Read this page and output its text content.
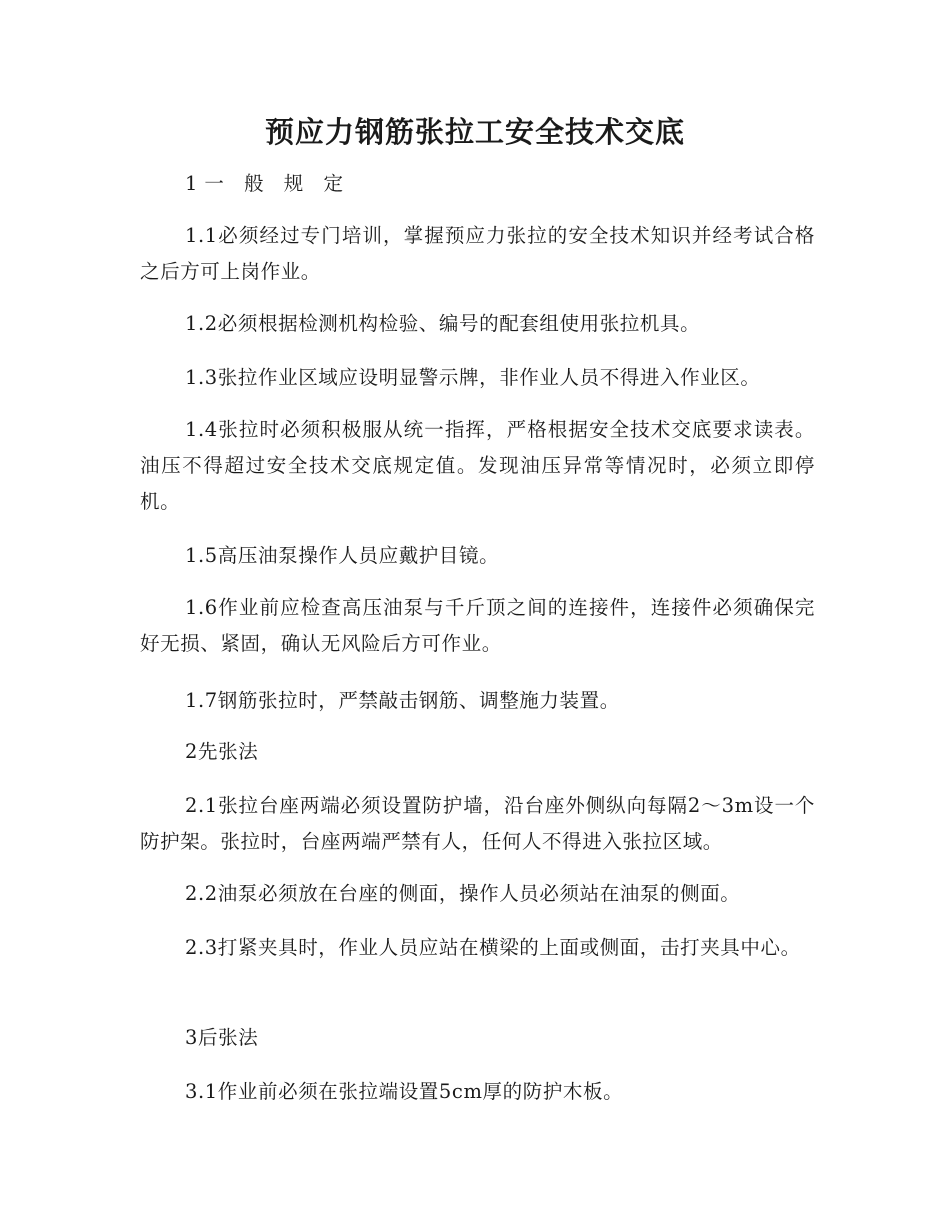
预应力钢筋张拉工安全技术交底

1一 般 规 定

1.1必须经过专门培训，掌握预应力张拉的安全技术知识并经考试合格之后方可上岗作业。

1.2必须根据检测机构检验、编号的配套组使用张拉机具。

1.3张拉作业区域应设明显警示牌，非作业人员不得进入作业区。

1.4张拉时必须积极服从统一指挥，严格根据安全技术交底要求读表。油压不得超过安全技术交底规定值。发现油压异常等情况时，必须立即停机。

1.5高压油泵操作人员应戴护目镜。

1.6作业前应检查高压油泵与千斤顶之间的连接件，连接件必须确保完好无损、紧固，确认无风险后方可作业。

1.7钢筋张拉时，严禁敲击钢筋、调整施力装置。

2先张法

2.1张拉台座两端必须设置防护墙，沿台座外侧纵向每隔2～3m设一个防护架。张拉时，台座两端严禁有人，任何人不得进入张拉区域。

2.2油泵必须放在台座的侧面，操作人员必须站在油泵的侧面。

2.3打紧夹具时，作业人员应站在横梁的上面或侧面，击打夹具中心。

3后张法

3.1作业前必须在张拉端设置5cm厚的防护木板。
